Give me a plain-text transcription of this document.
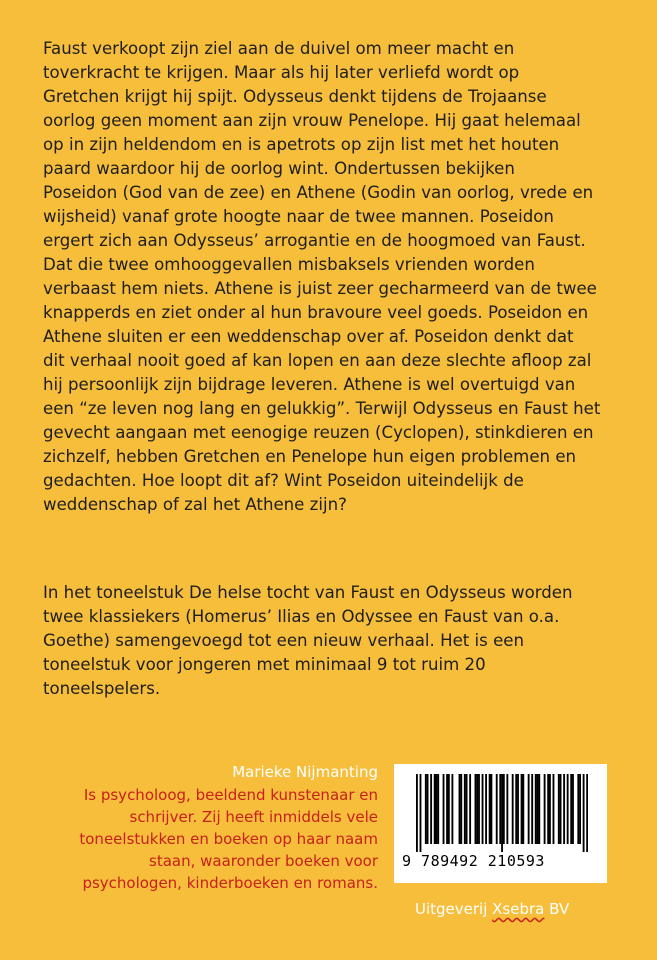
Faust verkoopt zijn ziel aan de duivel om meer macht en
toverkracht te krijgen. Maar als hij later verliefd wordt op
Gretchen krijgt hij spijt. Odysseus denkt tijdens de Trojaanse
oorlog geen moment aan zijn vrouw Penelope. Hij gaat helemaal
op in zijn heldendom en is apetrots op zijn list met het houten
paard waardoor hij de oorlog wint. Ondertussen bekijken
Poseidon (God van de zee) en Athene (Godin van oorlog, vrede en
wijsheid) vanaf grote hoogte naar de twee mannen. Poseidon
ergert zich aan Odysseus’ arrogantie en de hoogmoed van Faust.
Dat die twee omhooggevallen misbaksels vrienden worden
verbaast hem niets. Athene is juist zeer gecharmeerd van de twee
knapperds en ziet onder al hun bravoure veel goeds. Poseidon en
Athene sluiten er een weddenschap over af. Poseidon denkt dat
dit verhaal nooit goed af kan lopen en aan deze slechte afloop zal
hij persoonlijk zijn bijdrage leveren. Athene is wel overtuigd van
een “ze leven nog lang en gelukkig”. Terwijl Odysseus en Faust het
gevecht aangaan met eenogige reuzen (Cyclopen), stinkdieren en
zichzelf, hebben Gretchen en Penelope hun eigen problemen en
gedachten. Hoe loopt dit af? Wint Poseidon uiteindelijk de
weddenschap of zal het Athene zijn?

In het toneelstuk De helse tocht van Faust en Odysseus worden
twee klassiekers (Homerus’ Ilias en Odyssee en Faust van o.a.
Goethe) samengevoegd tot een nieuw verhaal. Het is een
toneelstuk voor jongeren met minimaal 9 tot ruim 20
toneelspelers.

Marieke Nijmanting

Is psycholoog, beeldend kunstenaar en
schrijver. Zij heeft inmiddels vele
toneelstukken en boeken op haar naam
staan, waaronder boeken voor
psychologen, kinderboeken en romans.

9 789492 210593
Uitgeverij Xsebra BV
